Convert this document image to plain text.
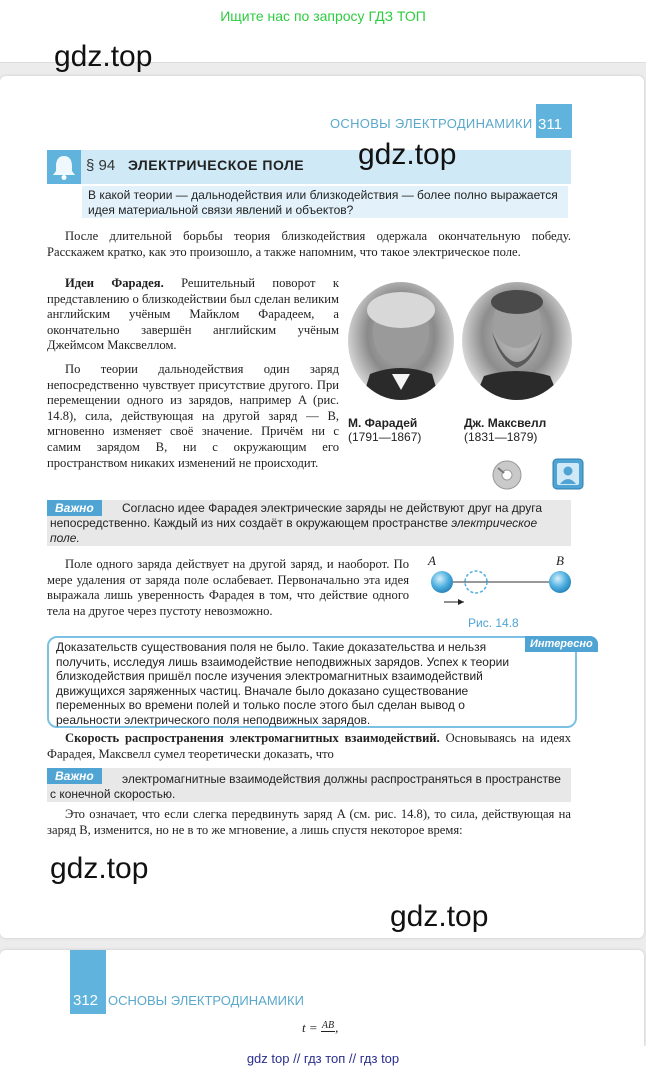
Ищите нас по запросу ГДЗ ТОП
gdz.top
ОСНОВЫ ЭЛЕКТРОДИНАМИКИ 311
§ 94 ЭЛЕКТРИЧЕСКОЕ ПОЛЕ gdz.top
В какой теории — дальнодействия или близкодействия — более полно выражается идея материальной связи явлений и объектов?
После длительной борьбы теория близкодействия одержала окончательную победу. Расскажем кратко, как это произошло, а также напомним, что такое электрическое поле.
Идеи Фарадея. Решительный поворот к представлению о близкодействии был сделан великим английским учёным Майклом Фарадеем, а окончательно завершён английским учёным Джеймсом Максвеллом.
По теории дальнодействия один заряд непосредственно чувствует присутствие другого. При перемещении одного из зарядов, например A (рис. 14.8), сила, действующая на другой заряд — B, мгновенно изменяет своё значение. Причём ни с самим зарядом B, ни с окружающим его пространством никаких изменений не происходит.
М. Фарадей
(1791—1867)
Дж. Максвелл
(1831—1879)
Важно	Согласно идее Фарадея электрические заряды не действуют друг на друга непосредственно. Каждый из них создаёт в окружающем пространстве электрическое поле.
Поле одного заряда действует на другой заряд, и наоборот. По мере удаления от заряда поле ослабевает. Первоначально эта идея выражала лишь уверенность Фарадея в том, что действие одного тела на другое через пустоту невозможно.
A	B
Рис. 14.8
Интересно
Доказательств существования поля не было. Такие доказательства и нельзя получить, исследуя лишь взаимодействие неподвижных зарядов. Успех к теории близкодействия пришёл после изучения электромагнитных взаимодействий движущихся заряженных частиц. Вначале было доказано существование переменных во времени полей и только после этого был сделан вывод о реальности электрического поля неподвижных зарядов.
Скорость распространения электромагнитных взаимодействий. Основываясь на идеях Фарадея, Максвелл сумел теоретически доказать, что
Важно	электромагнитные взаимодействия должны распространяться в пространстве с конечной скоростью.
Это означает, что если слегка передвинуть заряд A (см. рис. 14.8), то сила, действующая на заряд B, изменится, но не в то же мгновение, а лишь спустя некоторое время:
gdz.top
gdz.top
312 ОСНОВЫ ЭЛЕКТРОДИНАМИКИ
t = AB ,
gdz top // гдз топ // гдз top
